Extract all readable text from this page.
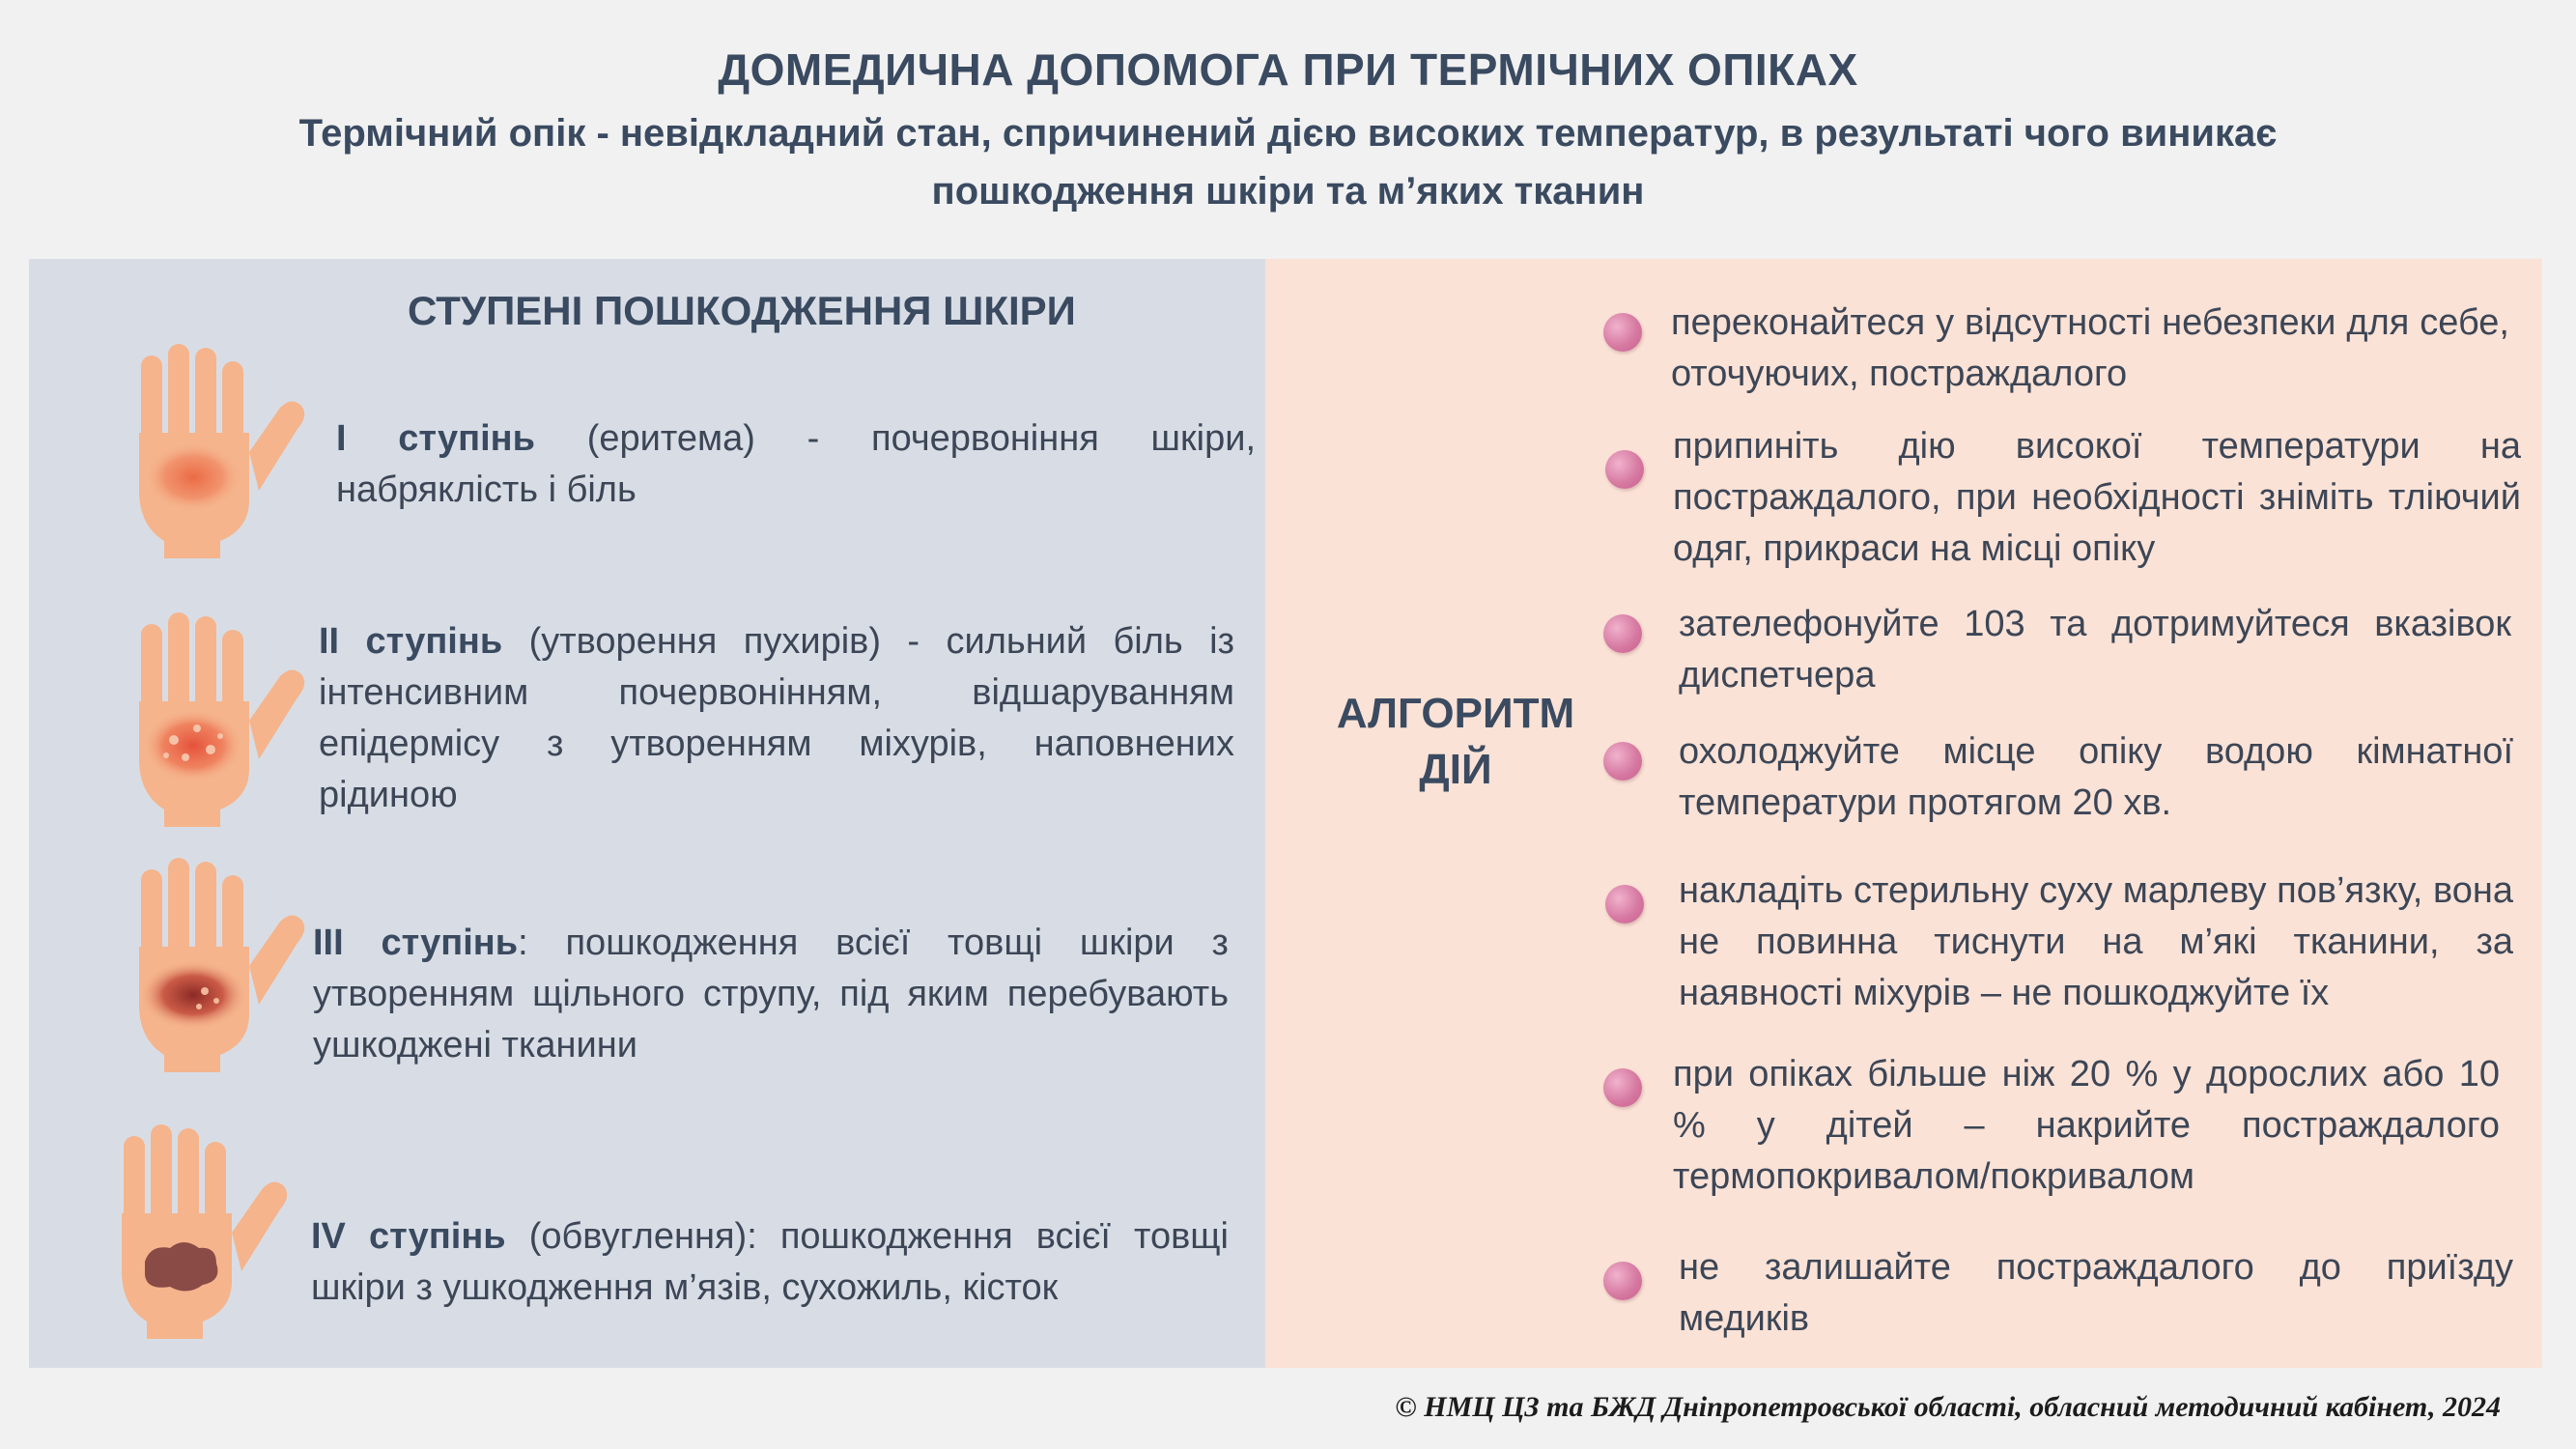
ДОМЕДИЧНА ДОПОМОГА ПРИ ТЕРМІЧНИХ ОПІКАХ
Термічний опік - невідкладний стан, спричинений дією високих температур, в результаті чого виникає
пошкодження шкіри та м’яких тканин
СТУПЕНІ ПОШКОДЖЕННЯ ШКІРИ
І ступінь (еритема) - почервоніння шкіри, набряклість і біль
ІІ ступінь (утворення пухирів) - сильний біль із інтенсивним почервонінням, відшаруванням епідермісу з утворенням міхурів, наповнених рідиною
ІІІ ступінь: пошкодження всієї товщі шкіри з утворенням щільного струпу, під яким перебувають ушкоджені тканини
IV ступінь (обвуглення): пошкодження всієї товщі шкіри з ушкодження м’язів, сухожиль, кісток
АЛГОРИТМ
ДІЙ
переконайтеся у відсутності небезпеки для себе, оточуючих, постраждалого
припиніть дію високої температури на постраждалого, при необхідності зніміть тліючий одяг, прикраси на місці опіку
зателефонуйте 103 та дотримуйтеся вказівок диспетчера
охолоджуйте місце опіку водою кімнатної температури протягом 20 хв.
накладіть стерильну суху марлеву пов’язку, вона не повинна тиснути на м’які тканини, за наявності міхурів – не пошкоджуйте їх
при опіках більше ніж 20 % у дорослих або 10 % у дітей – накрийте постраждалого термопокривалом/покривалом
не залишайте постраждалого до приїзду медиків
© НМЦ ЦЗ та БЖД Дніпропетровської області, обласний методичний кабінет, 2024
